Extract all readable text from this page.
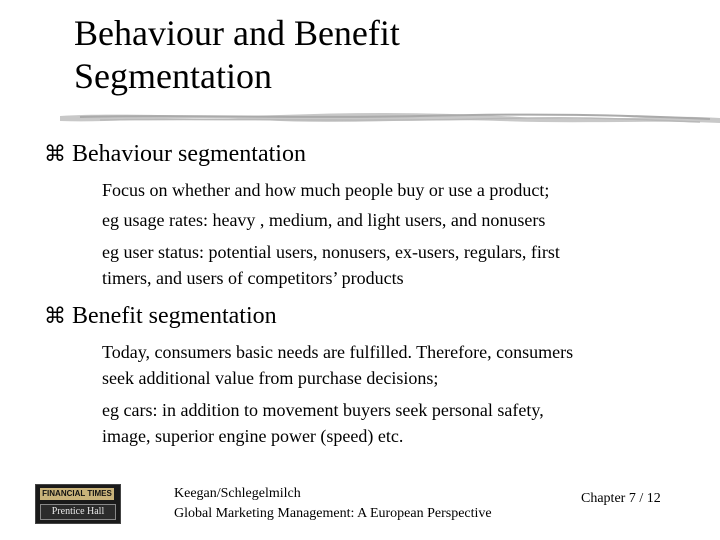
Behaviour and Benefit
Segmentation
⌘ Behaviour segmentation
Focus on whether and how much people buy or use a product;
eg usage rates: heavy , medium, and light users, and nonusers
eg user status: potential users, nonusers, ex-users, regulars, first
timers, and users of competitors’ products
⌘ Benefit segmentation
Today, consumers basic needs are fulfilled. Therefore, consumers
seek additional value from purchase decisions;
eg cars: in addition to movement buyers seek personal safety,
image, superior engine power (speed) etc.
FINANCIAL TIMES
Prentice Hall
Keegan/Schlegelmilch
Global Marketing Management: A European Perspective
Chapter 7 / 12
